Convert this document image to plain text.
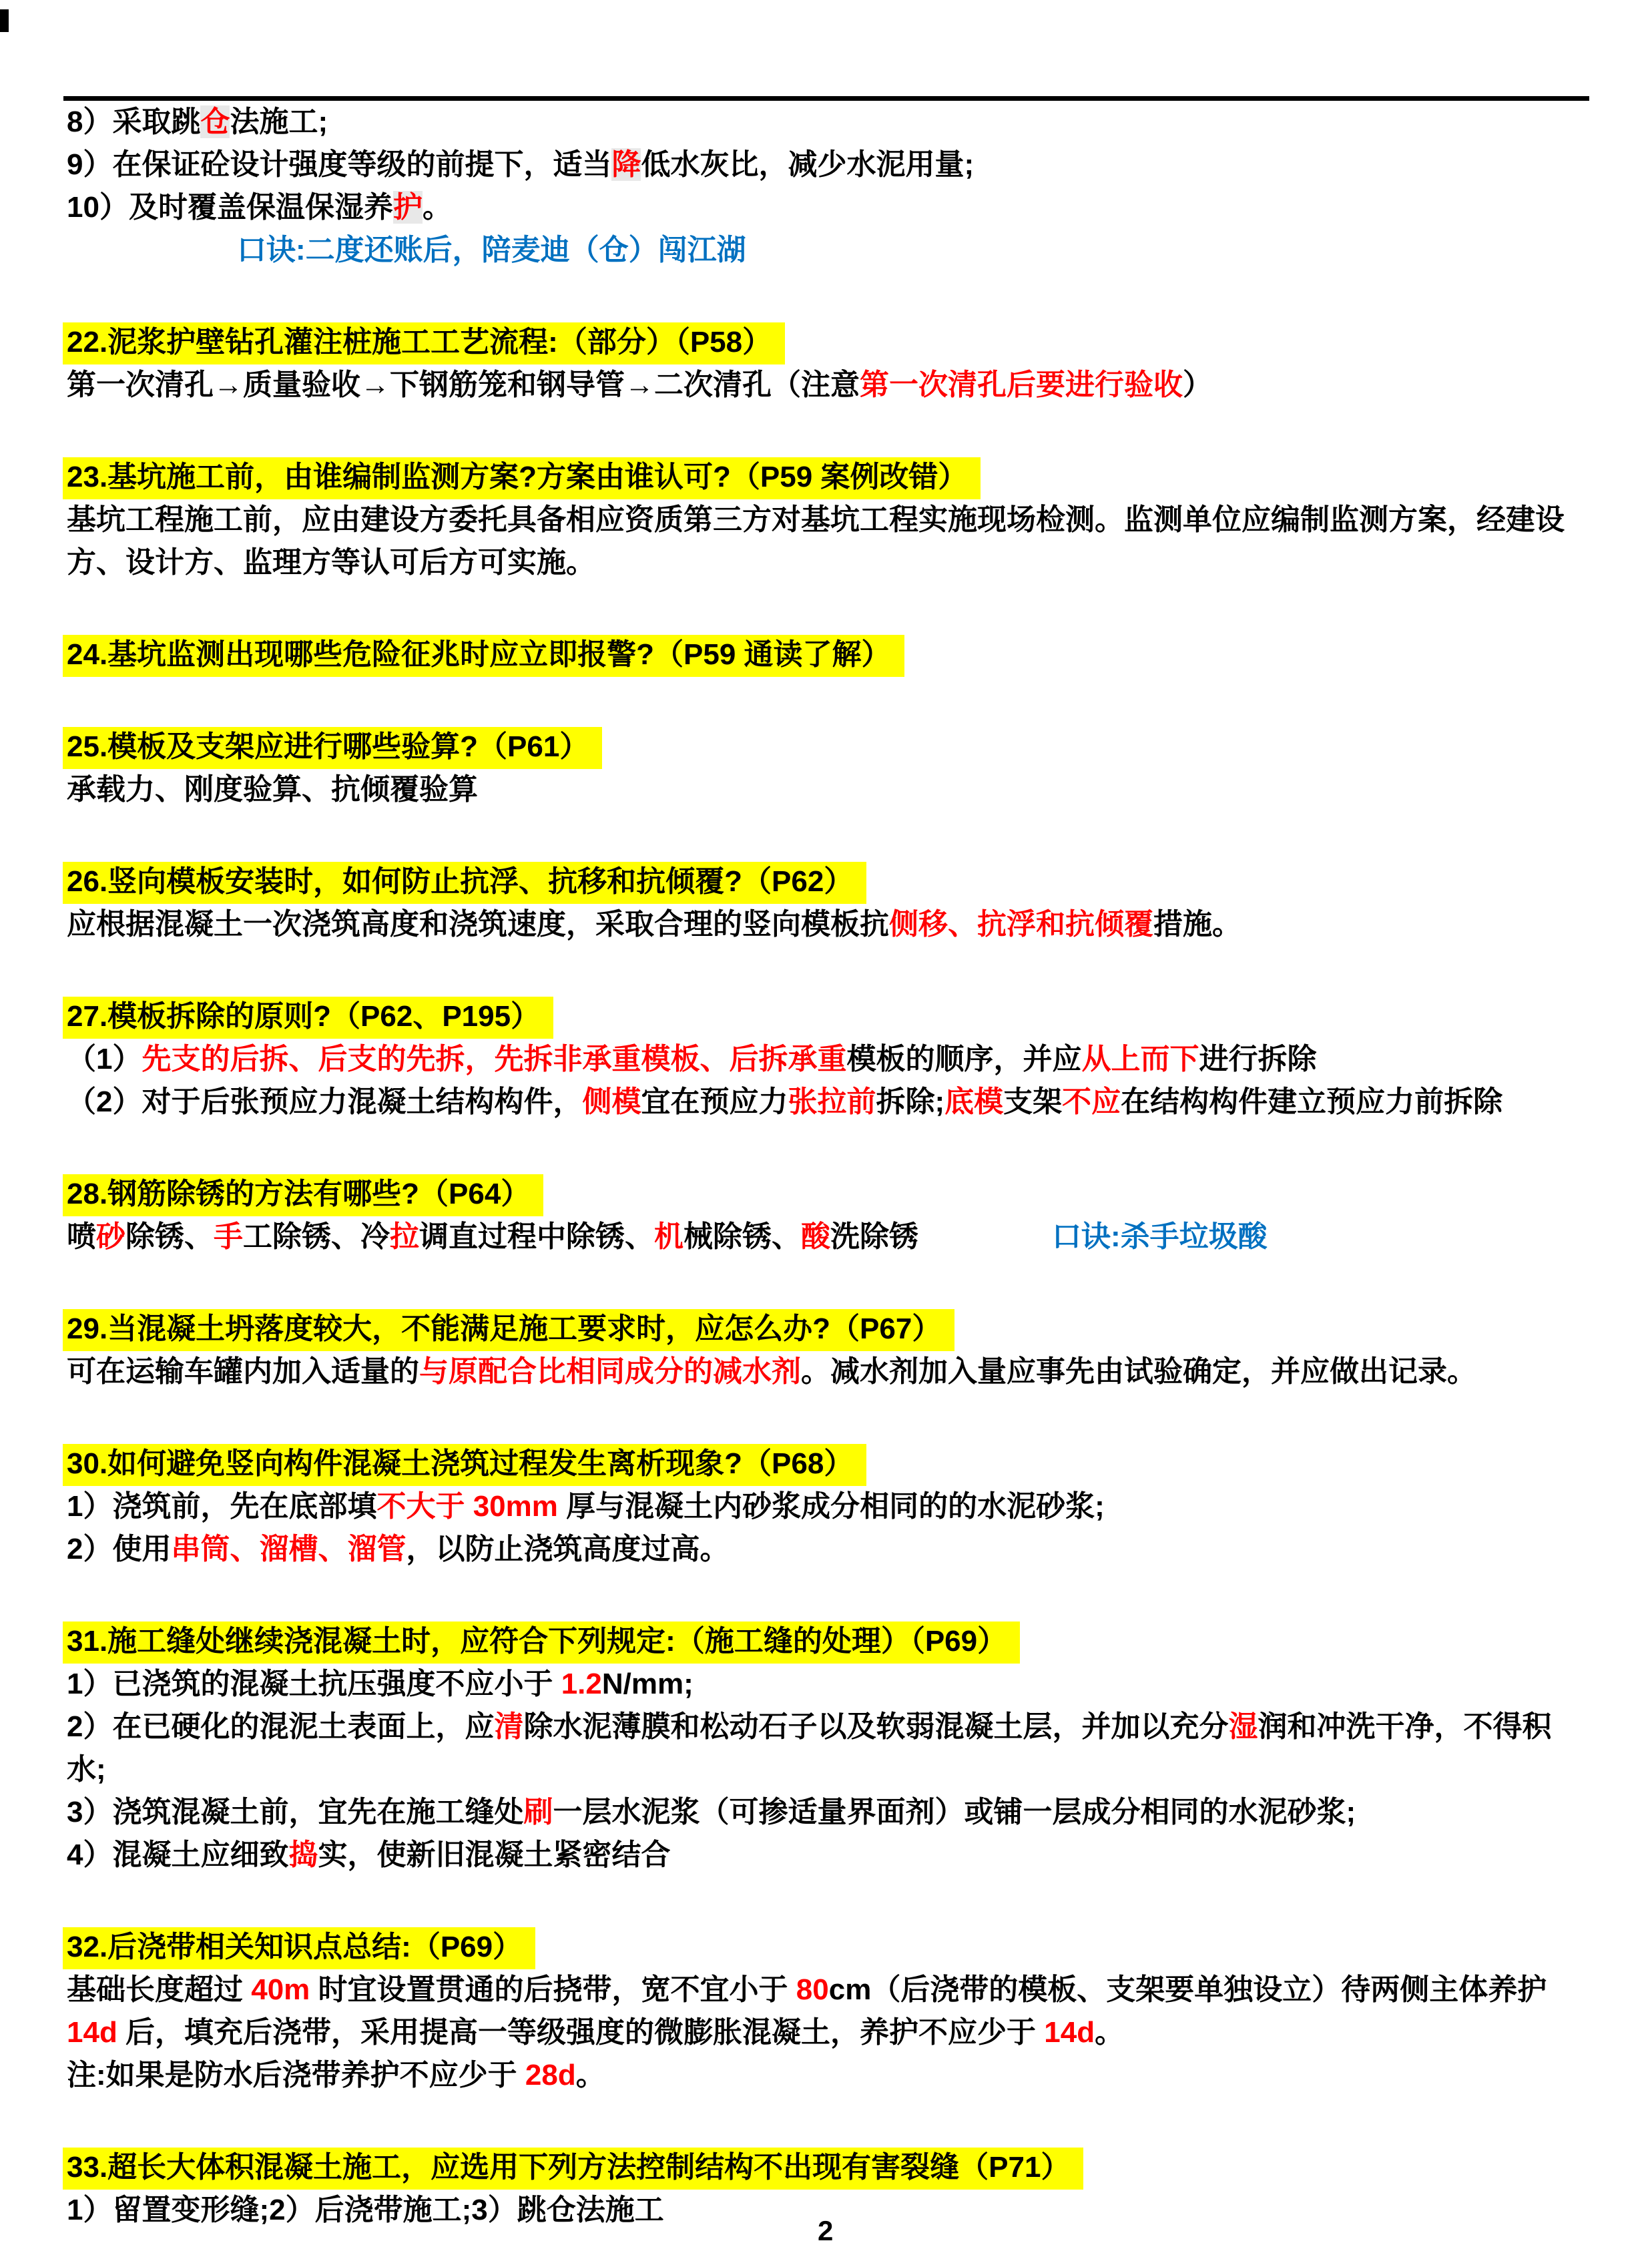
8）采取跳仓法施工;
9）在保证砼设计强度等级的前提下，适当降低水灰比，减少水泥用量;
10）及时覆盖保温保湿养护。
口诀:二度还账后，陪麦迪（仓）闯江湖
22.泥浆护壁钻孔灌注桩施工工艺流程:（部分）（P58）
第一次清孔→质量验收→下钢筋笼和钢导管→二次清孔（注意第一次清孔后要进行验收）
23.基坑施工前，由谁编制监测方案?方案由谁认可?（P59 案例改错）
基坑工程施工前，应由建设方委托具备相应资质第三方对基坑工程实施现场检测。监测单位应编制监测方案，经建设方、设计方、监理方等认可后方可实施。
24.基坑监测出现哪些危险征兆时应立即报警?（P59 通读了解）
25.模板及支架应进行哪些验算?（P61）
承载力、刚度验算、抗倾覆验算
26.竖向模板安装时，如何防止抗浮、抗移和抗倾覆?（P62）
应根据混凝土一次浇筑高度和浇筑速度，采取合理的竖向模板抗侧移、抗浮和抗倾覆措施。
27.模板拆除的原则?（P62、P195）
（1）先支的后拆、后支的先拆，先拆非承重模板、后拆承重模板的顺序，并应从上而下进行拆除
（2）对于后张预应力混凝土结构构件，侧模宜在预应力张拉前拆除;底模支架不应在结构构件建立预应力前拆除
28.钢筋除锈的方法有哪些?（P64）
喷砂除锈、手工除锈、冷拉调直过程中除锈、机械除锈、酸洗除锈	口诀:杀手垃圾酸
29.当混凝土坍落度较大，不能满足施工要求时，应怎么办?（P67）
可在运输车罐内加入适量的与原配合比相同成分的减水剂。减水剂加入量应事先由试验确定，并应做出记录。
30.如何避免竖向构件混凝土浇筑过程发生离析现象?（P68）
1）浇筑前，先在底部填不大于 30mm 厚与混凝土内砂浆成分相同的的水泥砂浆;
2）使用串筒、溜槽、溜管，以防止浇筑高度过高。
31.施工缝处继续浇混凝土时，应符合下列规定:（施工缝的处理）（P69）
1）已浇筑的混凝土抗压强度不应小于 1.2N/mm;
2）在已硬化的混泥土表面上，应清除水泥薄膜和松动石子以及软弱混凝土层，并加以充分湿润和冲洗干净，不得积水;
3）浇筑混凝土前，宜先在施工缝处刷一层水泥浆（可掺适量界面剂）或铺一层成分相同的水泥砂浆;
4）混凝土应细致捣实，使新旧混凝土紧密结合
32.后浇带相关知识点总结:（P69）
基础长度超过 40m 时宜设置贯通的后挠带，宽不宜小于 80cm（后浇带的模板、支架要单独设立）待两侧主体养护14d 后，填充后浇带，采用提高一等级强度的微膨胀混凝土，养护不应少于 14d。
注:如果是防水后浇带养护不应少于 28d。
33.超长大体积混凝土施工，应选用下列方法控制结构不出现有害裂缝（P71）
1）留置变形缝;2）后浇带施工;3）跳仓法施工
2
